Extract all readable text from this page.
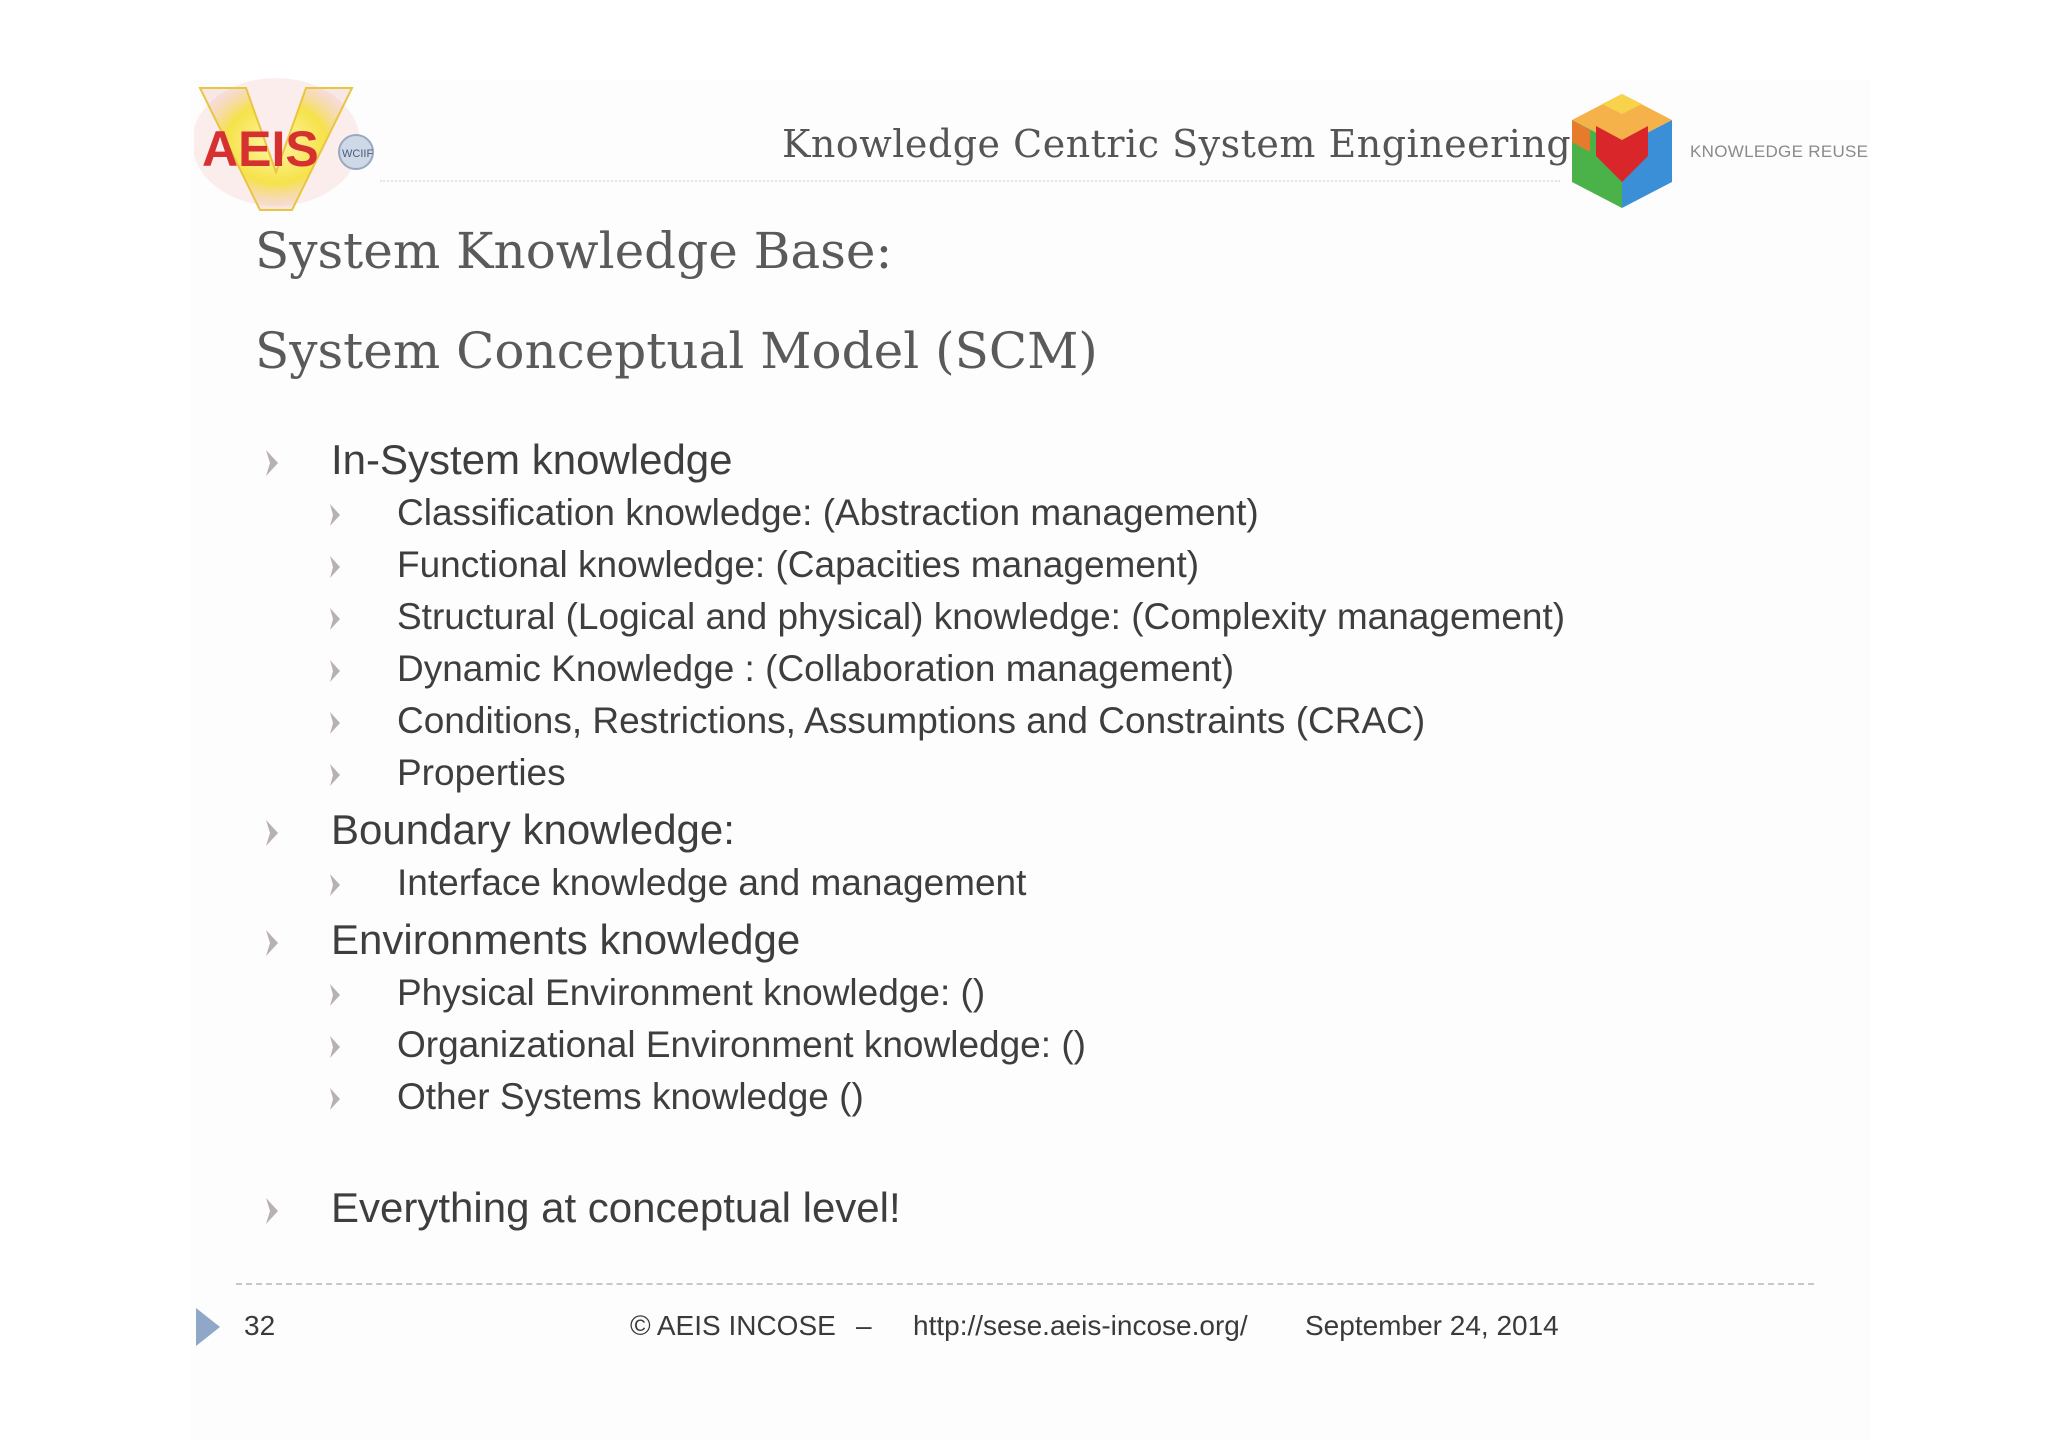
AEIS WCIIF	Knowledge Centric System Engineering	KNOWLEDGE REUSE
System Knowledge Base:
System Conceptual Model (SCM)
In-System knowledge
Classification knowledge: (Abstraction management)
Functional knowledge: (Capacities management)
Structural (Logical and physical) knowledge: (Complexity management)
Dynamic Knowledge : (Collaboration management)
Conditions, Restrictions, Assumptions and Constraints (CRAC)
Properties
Boundary knowledge:
Interface knowledge and management
Environments knowledge
Physical Environment knowledge: ()
Organizational Environment knowledge: ()
Other Systems knowledge ()
Everything at conceptual level!
32	© AEIS INCOSE – http://sese.aeis-incose.org/ September 24, 2014
